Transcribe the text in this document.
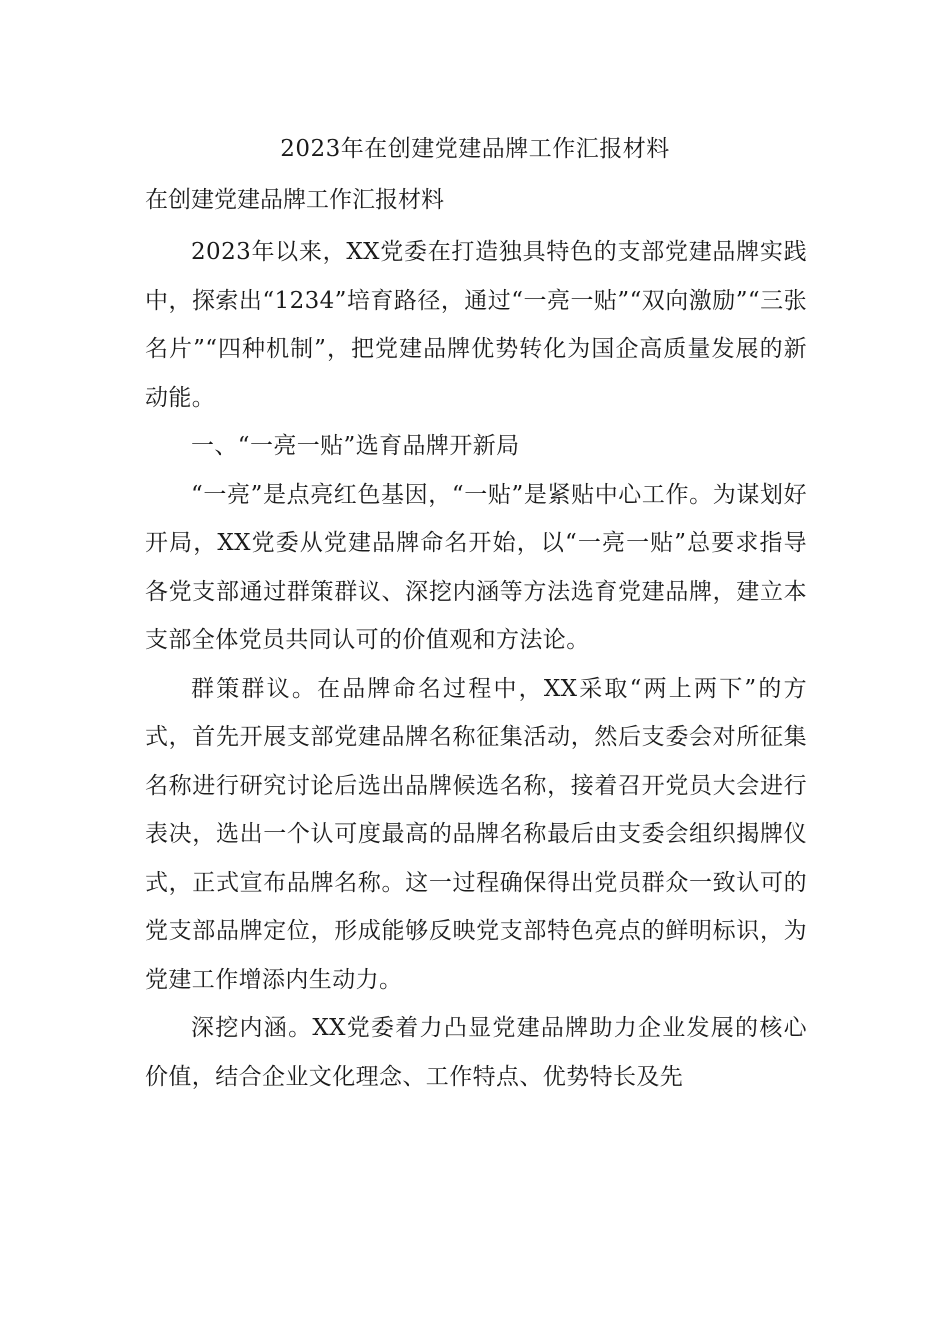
2023年在创建党建品牌工作汇报材料
在创建党建品牌工作汇报材料

2023年以来，XX党委在打造独具特色的支部党建品牌实践中，探索出“1234”培育路径，通过“一亮一贴”“双向激励”“三张名片”“四种机制”，把党建品牌优势转化为国企高质量发展的新动能。

一、“一亮一贴”选育品牌开新局

“一亮”是点亮红色基因，“一贴”是紧贴中心工作。为谋划好开局，XX党委从党建品牌命名开始，以“一亮一贴”总要求指导各党支部通过群策群议、深挖内涵等方法选育党建品牌，建立本支部全体党员共同认可的价值观和方法论。

群策群议。在品牌命名过程中，XX采取“两上两下”的方式，首先开展支部党建品牌名称征集活动，然后支委会对所征集名称进行研究讨论后选出品牌候选名称，接着召开党员大会进行表决，选出一个认可度最高的品牌名称最后由支委会组织揭牌仪式，正式宣布品牌名称。这一过程确保得出党员群众一致认可的党支部品牌定位，形成能够反映党支部特色亮点的鲜明标识，为党建工作增添内生动力。

深挖内涵。XX党委着力凸显党建品牌助力企业发展的核心价值，结合企业文化理念、工作特点、优势特长及先
